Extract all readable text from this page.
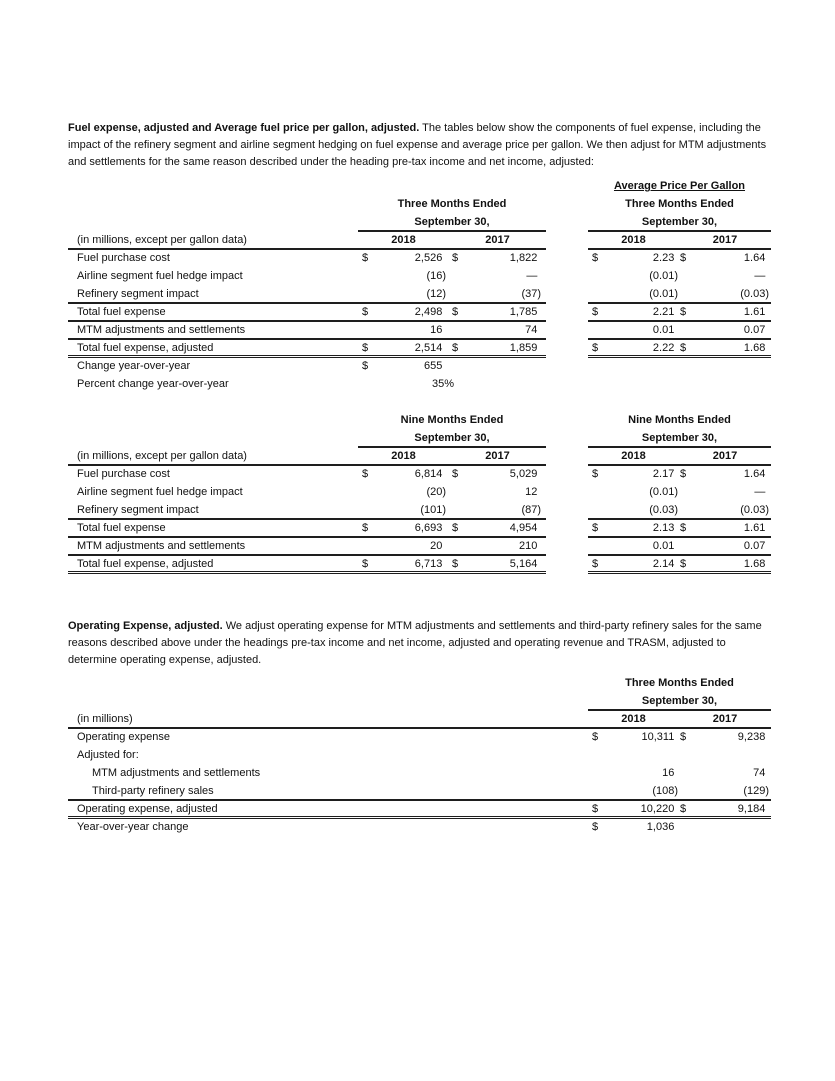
Fuel expense, adjusted and Average fuel price per gallon, adjusted. The tables below show the components of fuel expense, including the
impact of the refinery segment and airline segment hedging on fuel expense and average price per gallon. We then adjust for MTM adjustments
and settlements for the same reason described under the heading pre-tax income and net income, adjusted:
Average Price Per Gallon
Three Months Ended	Three Months Ended
September 30,	September 30,
(in millions, except per gallon data)	2018	2017	2018	2017
Fuel purchase cost	$	2,526 $	1,822	$	2.23 $	1.64
Airline segment fuel hedge impact	(16)	—	(0.01)	—
Refinery segment impact	(12)	(37)	(0.01)	(0.03)
Total fuel expense	$	2,498 $	1,785	$	2.21 $	1.61
MTM adjustments and settlements	16	74	0.01	0.07
Total fuel expense, adjusted	$	2,514 $	1,859	$	2.22 $	1.68
Change year-over-year	$	655
Percent change year-over-year	35%
Nine Months Ended	Nine Months Ended
September 30,	September 30,
(in millions, except per gallon data)	2018	2017	2018	2017
Fuel purchase cost	$	6,814 $	5,029	$	2.17 $	1.64
Airline segment fuel hedge impact	(20)	12	(0.01)	—
Refinery segment impact	(101)	(87)	(0.03)	(0.03)
Total fuel expense	$	6,693 $	4,954	$	2.13 $	1.61
MTM adjustments and settlements	20	210	0.01	0.07
Total fuel expense, adjusted	$	6,713 $	5,164	$	2.14 $	1.68
Operating Expense, adjusted. We adjust operating expense for MTM adjustments and settlements and third-party refinery sales for the same
reasons described above under the headings pre-tax income and net income, adjusted and operating revenue and TRASM, adjusted to
determine operating expense, adjusted.
Three Months Ended
September 30,
(in millions)	2018	2017
Operating expense	$	10,311 $	9,238
Adjusted for:
MTM adjustments and settlements	16	74
Third-party refinery sales	(108)	(129)
Operating expense, adjusted	$	10,220 $	9,184
Year-over-year change	$	1,036
